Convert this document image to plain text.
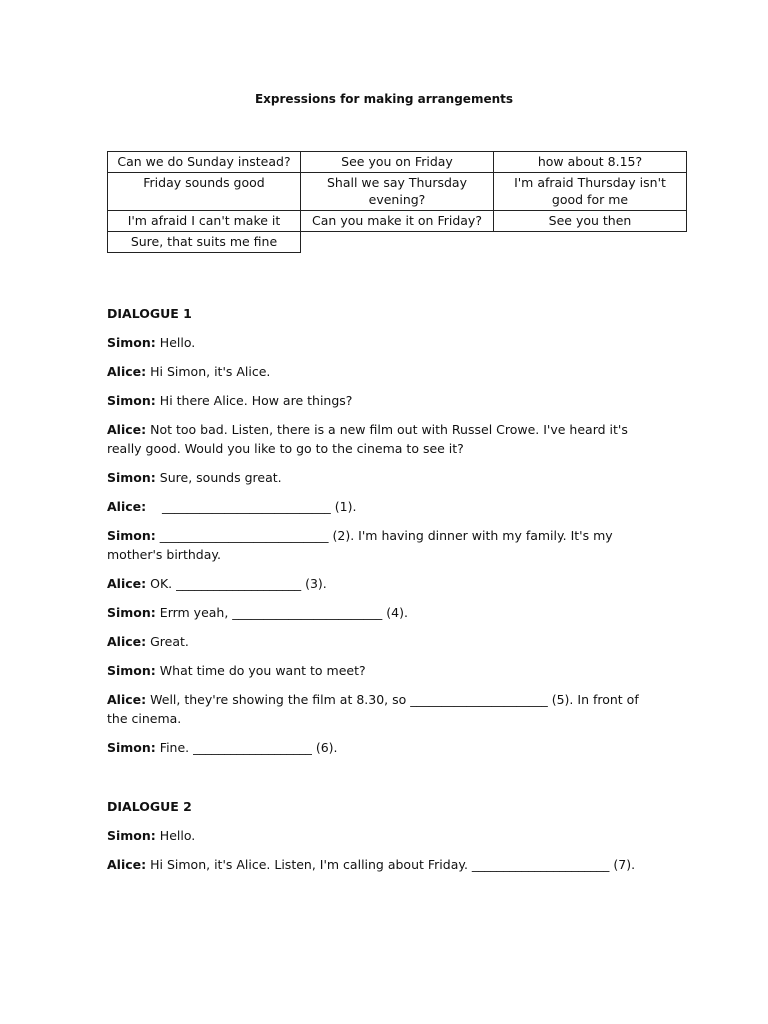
Expressions for making arrangements
Can we do Sunday instead?	See you on Friday	how about 8.15?
Friday sounds good	Shall we say Thursday evening?	I'm afraid Thursday isn't good for me
I'm afraid I can't make it	Can you make it on Friday?	See you then
Sure, that suits me fine		
DIALOGUE 1
Simon: Hello.
Alice: Hi Simon, it's Alice.
Simon: Hi there Alice. How are things?
Alice: Not too bad. Listen, there is a new film out with Russel Crowe. I've heard it's really good. Would you like to go to the cinema to see it?
Simon: Sure, sounds great.
Alice:    ___________________________ (1).
Simon: ___________________________ (2). I'm having dinner with my family. It's my mother's birthday.
Alice: OK. ____________________ (3).
Simon: Errm yeah, ________________________ (4).
Alice: Great.
Simon: What time do you want to meet?
Alice: Well, they're showing the film at 8.30, so ______________________ (5). In front of the cinema.
Simon: Fine. ___________________ (6).
DIALOGUE 2
Simon: Hello.
Alice: Hi Simon, it's Alice. Listen, I'm calling about Friday. ______________________ (7).
